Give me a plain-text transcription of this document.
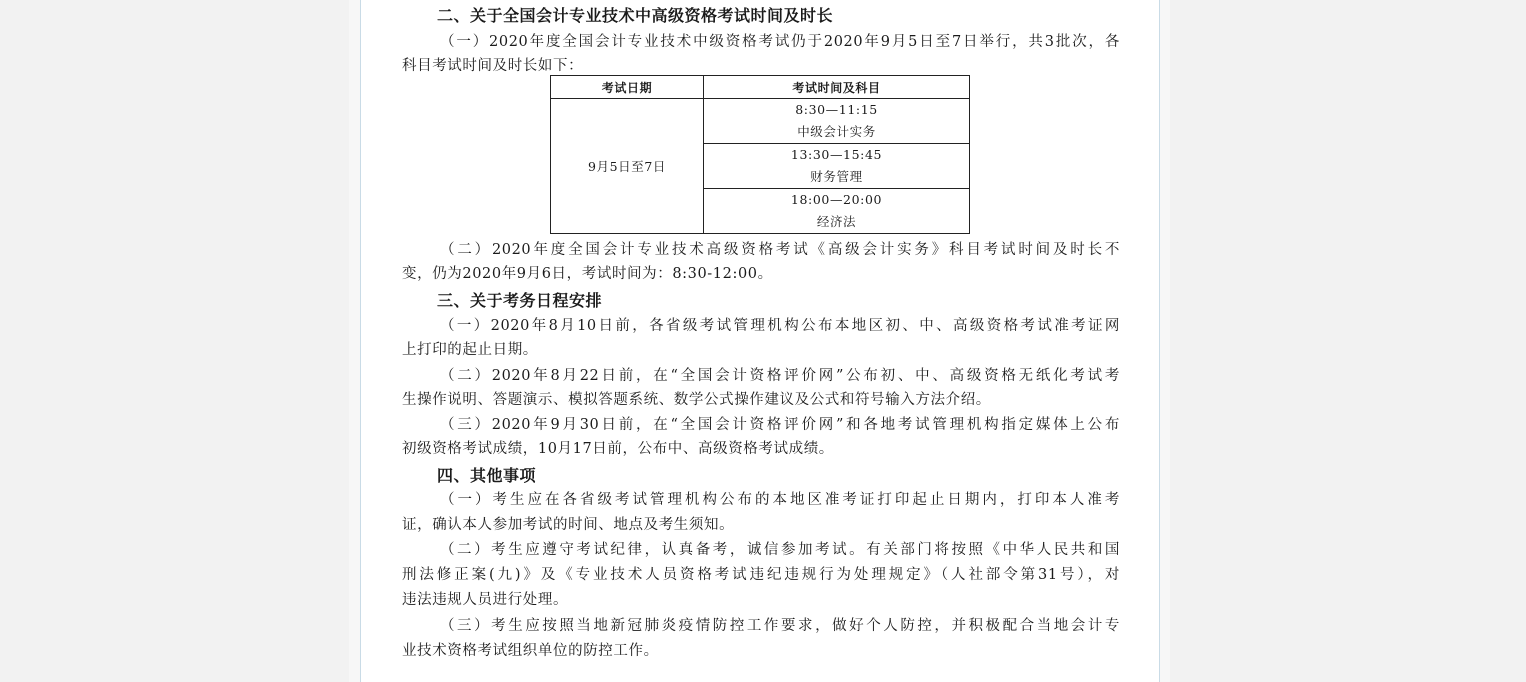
二、关于全国会计专业技术中高级资格考试时间及时长
（一）2020年度全国会计专业技术中级资格考试仍于2020年9月5日至7日举行，共3批次，各
科目考试时间及时长如下：
考试日期	考试时间及科目
9月5日至7日	8:30—11:15
中级会计实务

	13:30—15:45
财务管理

	18:00—20:00
经济法
（二）2020年度全国会计专业技术高级资格考试《高级会计实务》科目考试时间及时长不
变，仍为2020年9月6日，考试时间为：8:30-12:00。
三、关于考务日程安排
（一）2020年8月10日前，各省级考试管理机构公布本地区初、中、高级资格考试准考证网
上打印的起止日期。
（二）2020年8月22日前，在“全国会计资格评价网”公布初、中、高级资格无纸化考试考
生操作说明、答题演示、模拟答题系统、数学公式操作建议及公式和符号输入方法介绍。
（三）2020年9月30日前，在“全国会计资格评价网”和各地考试管理机构指定媒体上公布
初级资格考试成绩，10月17日前，公布中、高级资格考试成绩。
四、其他事项
（一）考生应在各省级考试管理机构公布的本地区准考证打印起止日期内，打印本人准考
证，确认本人参加考试的时间、地点及考生须知。
（二）考生应遵守考试纪律，认真备考，诚信参加考试。有关部门将按照《中华人民共和国
刑法修正案(九)》及《专业技术人员资格考试违纪违规行为处理规定》（人社部令第31号），对
违法违规人员进行处理。
（三）考生应按照当地新冠肺炎疫情防控工作要求，做好个人防控，并积极配合当地会计专
业技术资格考试组织单位的防控工作。
